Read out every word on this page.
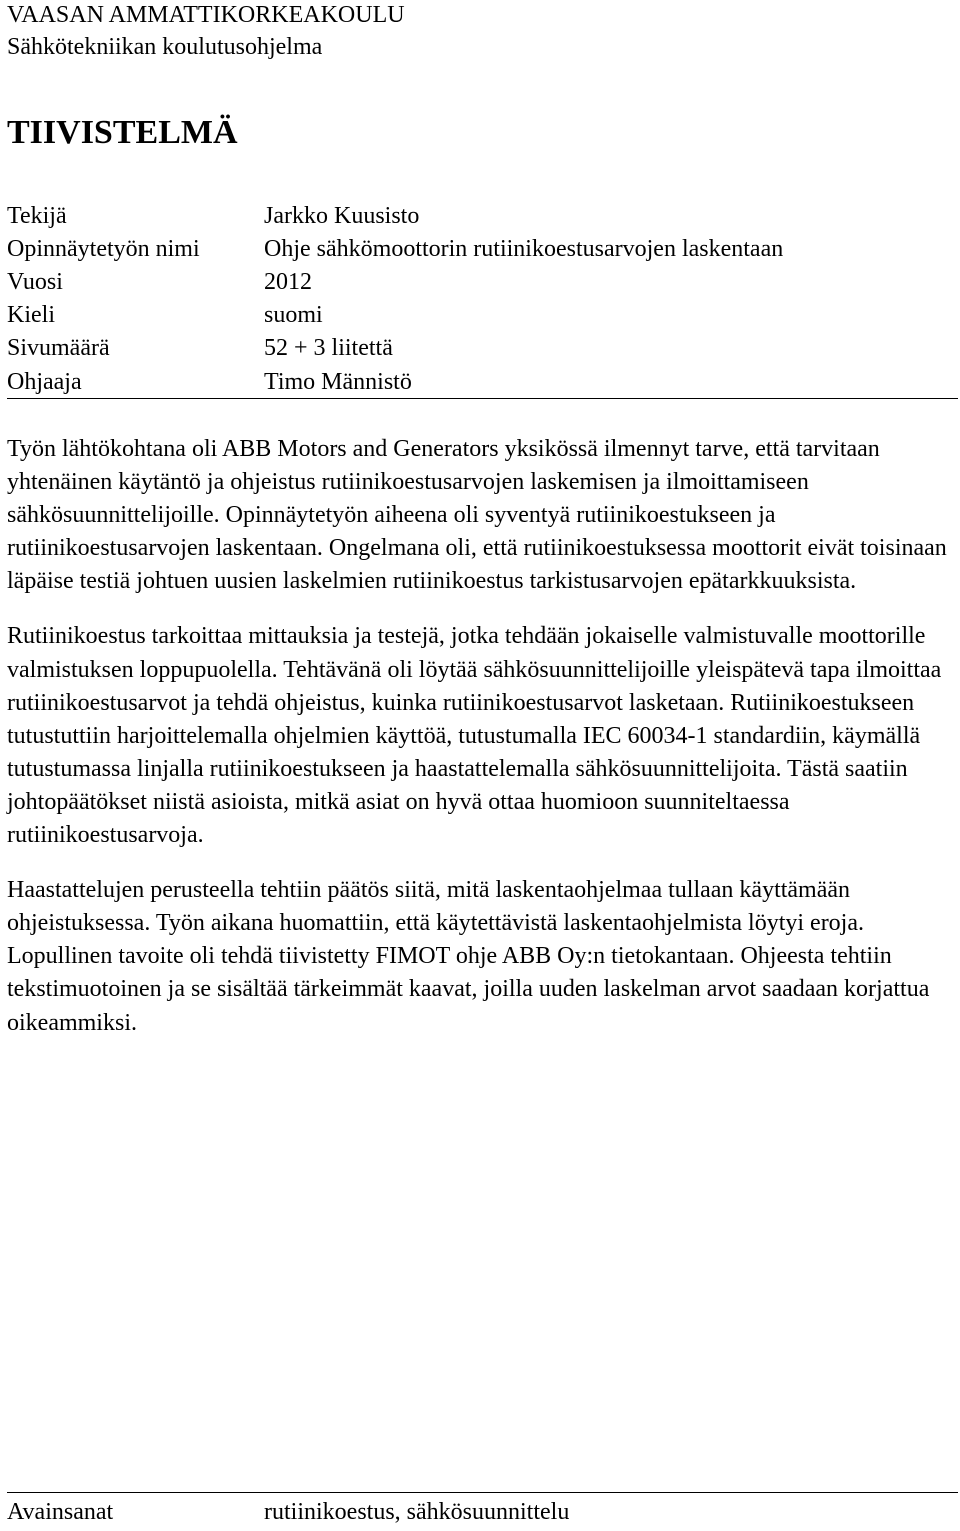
VAASAN AMMATTIKORKEAKOULU
Sähkötekniikan koulutusohjelma
TIIVISTELMÄ
Tekijä	Jarkko Kuusisto
Opinnäytetyön nimi	Ohje sähkömoottorin rutiinikoestusarvojen laskentaan
Vuosi	2012
Kieli	suomi
Sivumäärä	52 + 3 liitettä
Ohjaaja	Timo Männistö

Työn lähtökohtana oli ABB Motors and Generators yksikössä ilmennyt tarve, että tarvitaan yhtenäinen käytäntö ja ohjeistus rutiinikoestusarvojen laskemisen ja ilmoittamiseen sähkösuunnittelijoille. Opinnäytetyön aiheena oli syventyä rutiinikoestukseen ja rutiinikoestusarvojen laskentaan. Ongelmana oli, että rutiinikoestuksessa moottorit eivät toisinaan läpäise testiä johtuen uusien laskelmien rutiinikoestus tarkistusarvojen epätarkkuuksista.

Rutiinikoestus tarkoittaa mittauksia ja testejä, jotka tehdään jokaiselle valmistuvalle moottorille valmistuksen loppupuolella. Tehtävänä oli löytää sähkösuunnittelijoille yleispätevä tapa ilmoittaa rutiinikoestusarvot ja tehdä ohjeistus, kuinka rutiinikoestusarvot lasketaan. Rutiinikoestukseen tutustuttiin harjoittelemalla ohjelmien käyttöä, tutustumalla IEC 60034-1 standardiin, käymällä tutustumassa linjalla rutiinikoestukseen ja haastattelemalla sähkösuunnittelijoita. Tästä saatiin johtopäätökset niistä asioista, mitkä asiat on hyvä ottaa huomioon suunniteltaessa rutiinikoestusarvoja.

Haastattelujen perusteella tehtiin päätös siitä, mitä laskentaohjelmaa tullaan käyttämään ohjeistuksessa. Työn aikana huomattiin, että käytettävistä laskentaohjelmista löytyi eroja.

Lopullinen tavoite oli tehdä tiivistetty FIMOT ohje ABB Oy:n tietokantaan. Ohjeesta tehtiin tekstimuotoinen ja se sisältää tärkeimmät kaavat, joilla uuden laskelman arvot saadaan korjattua oikeammiksi.

Avainsanat	rutiinikoestus, sähkösuunnittelu
